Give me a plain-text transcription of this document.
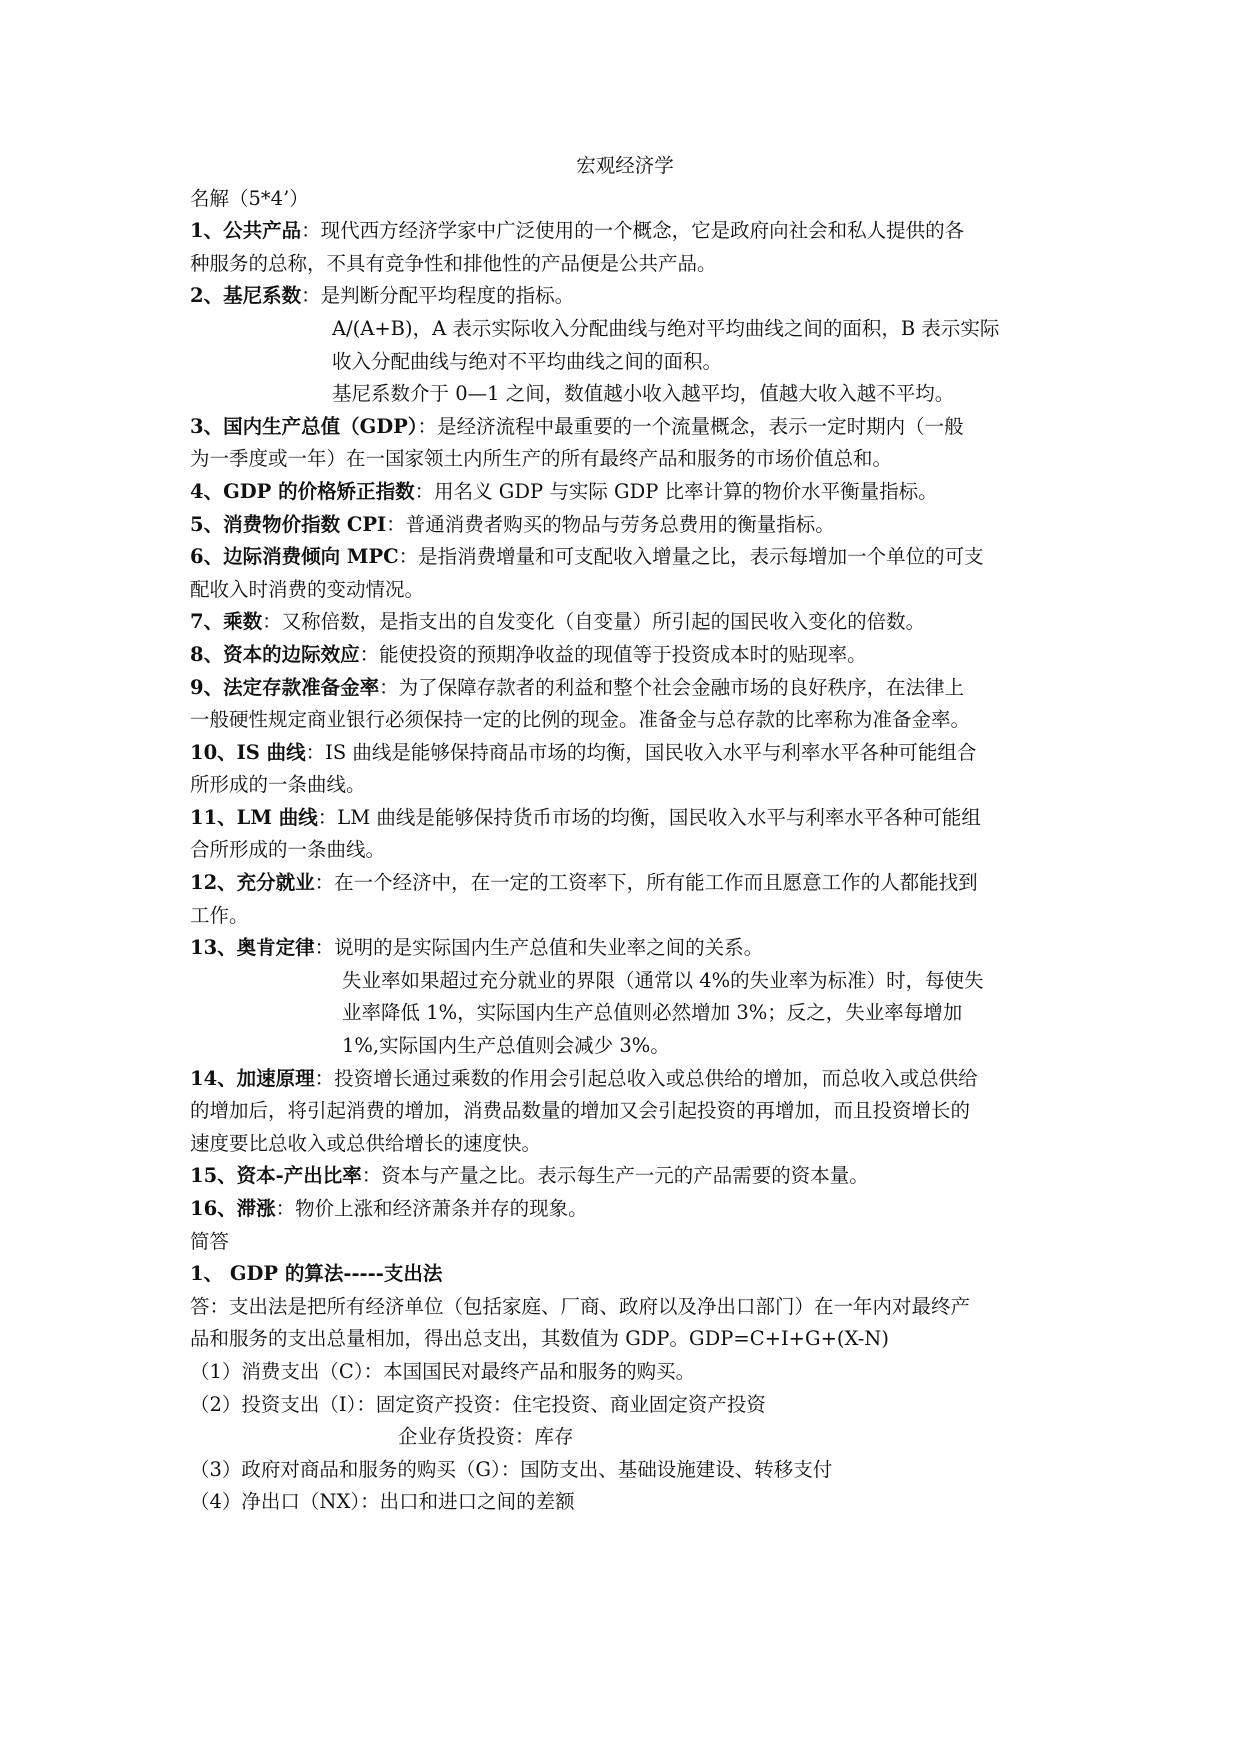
宏观经济学
名解（5*4’）
1、公共产品：现代西方经济学家中广泛使用的一个概念，它是政府向社会和私人提供的各
种服务的总称，不具有竞争性和排他性的产品便是公共产品。
2、基尼系数：是判断分配平均程度的指标。
A/(A+B)，A 表示实际收入分配曲线与绝对平均曲线之间的面积，B 表示实际
收入分配曲线与绝对不平均曲线之间的面积。
基尼系数介于 0—1 之间，数值越小收入越平均，值越大收入越不平均。
3、国内生产总值（GDP）：是经济流程中最重要的一个流量概念，表示一定时期内（一般
为一季度或一年）在一国家领土内所生产的所有最终产品和服务的市场价值总和。
4、GDP 的价格矫正指数：用名义 GDP 与实际 GDP 比率计算的物价水平衡量指标。
5、消费物价指数 CPI：普通消费者购买的物品与劳务总费用的衡量指标。
6、边际消费倾向 MPC：是指消费增量和可支配收入增量之比，表示每增加一个单位的可支
配收入时消费的变动情况。
7、乘数：又称倍数，是指支出的自发变化（自变量）所引起的国民收入变化的倍数。
8、资本的边际效应：能使投资的预期净收益的现值等于投资成本时的贴现率。
9、法定存款准备金率：为了保障存款者的利益和整个社会金融市场的良好秩序，在法律上
一般硬性规定商业银行必须保持一定的比例的现金。准备金与总存款的比率称为准备金率。
10、IS 曲线：IS 曲线是能够保持商品市场的均衡，国民收入水平与利率水平各种可能组合
所形成的一条曲线。
11、LM 曲线：LM 曲线是能够保持货币市场的均衡，国民收入水平与利率水平各种可能组
合所形成的一条曲线。
12、充分就业：在一个经济中，在一定的工资率下，所有能工作而且愿意工作的人都能找到
工作。
13、奥肯定律：说明的是实际国内生产总值和失业率之间的关系。
失业率如果超过充分就业的界限（通常以 4%的失业率为标准）时，每使失
业率降低 1%，实际国内生产总值则必然增加 3%；反之，失业率每增加
1%,实际国内生产总值则会减少 3%。
14、加速原理：投资增长通过乘数的作用会引起总收入或总供给的增加，而总收入或总供给
的增加后，将引起消费的增加，消费品数量的增加又会引起投资的再增加，而且投资增长的
速度要比总收入或总供给增长的速度快。
15、资本-产出比率：资本与产量之比。表示每生产一元的产品需要的资本量。
16、滞涨：物价上涨和经济萧条并存的现象。
简答
1、 GDP 的算法-----支出法
答：支出法是把所有经济单位（包括家庭、厂商、政府以及净出口部门）在一年内对最终产
品和服务的支出总量相加，得出总支出，其数值为 GDP。GDP=C+I+G+(X-N)
（1）消费支出（C）：本国国民对最终产品和服务的购买。
（2）投资支出（I）：固定资产投资：住宅投资、商业固定资产投资
企业存货投资：库存
（3）政府对商品和服务的购买（G）：国防支出、基础设施建设、转移支付
（4）净出口（NX）：出口和进口之间的差额
